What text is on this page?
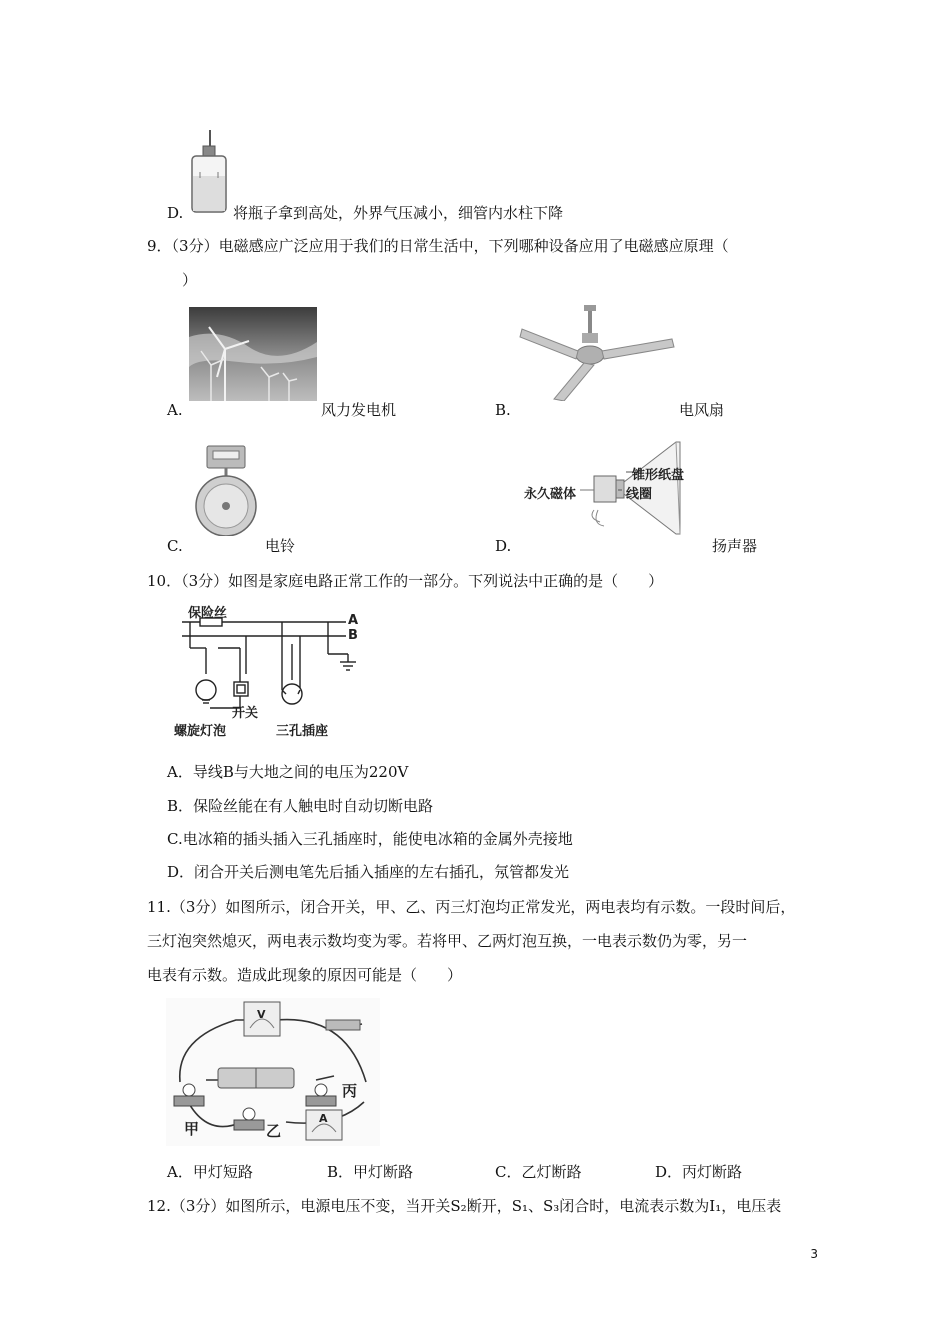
D.	将瓶子拿到高处，外界气压减小，细管内水柱下降
9．（3分）电磁感应广泛应用于我们的日常生活中，下列哪种设备应用了电磁感应原理（
）
A.	风力发电机	B.	电风扇
C.	电铃
锥形纸盘
永久磁体	线圈
D.	扬声器
10．（3分）如图是家庭电路正常工作的一部分。下列说法中正确的是（　　）
保险丝	A
B
开关
螺旋灯泡	三孔插座
A．导线B与大地之间的电压为220V
B．保险丝能在有人触电时自动切断电路
C.电冰箱的插头插入三孔插座时，能使电冰箱的金属外壳接地
D．闭合开关后测电笔先后插入插座的左右插孔，氖管都发光
11.（3分）如图所示，闭合开关，甲、乙、丙三灯泡均正常发光，两电表均有示数。一段时间后，
三灯泡突然熄灭，两电表示数均变为零。若将甲、乙两灯泡互换，一电表示数仍为零，另一
电表有示数。造成此现象的原因可能是（　　）
V
A
甲	乙
丙
A．甲灯短路	B．甲灯断路	C．乙灯断路	D．丙灯断路
12.（3分）如图所示，电源电压不变，当开关S₂断开，S₁、S₃闭合时，电流表示数为I₁，电压表
3
